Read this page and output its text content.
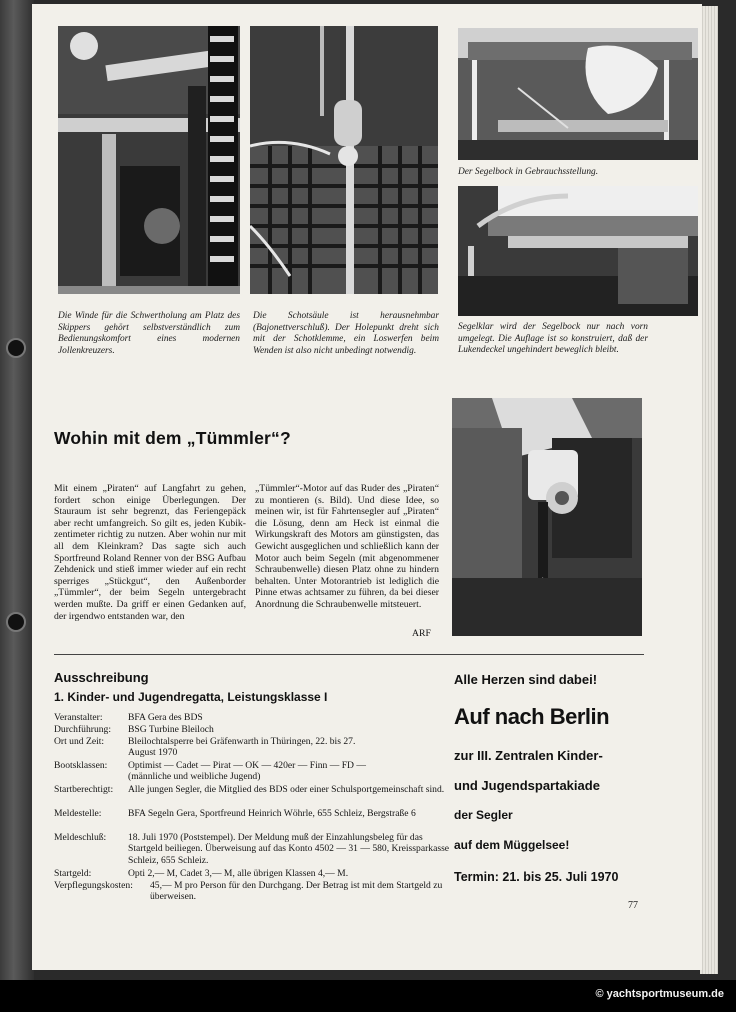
Die Winde für die Schwertholung am Platz des Skippers gehört selbstverständlich zum Bedienungskomfort eines modernen Jollenkreuzers.
Die Schotsäule ist herausnehmbar (Bajonettverschluß). Der Holepunkt dreht sich mit der Schotklemme, ein Loswerfen beim Wenden ist also nicht unbedingt notwendig.
Der Segelbock in Gebrauchsstellung.
Segelklar wird der Segelbock nur nach vorn umgelegt. Die Auflage ist so konstruiert, daß der Lukendeckel ungehindert beweglich bleibt.
Wohin mit dem „Tümmler“?
Mit einem „Piraten“ auf Langfahrt zu gehen, fordert schon einige Überlegungen. Der Stauraum ist sehr begrenzt, das Feriengepäck aber recht umfangreich. So gilt es, jeden Kubikzentimeter richtig zu nutzen. Aber wohin nur mit all dem Kleinkram? Das sagte sich auch Sportfreund Roland Renner von der BSG Aufbau Zehdenick und stieß immer wieder auf ein recht sperriges „Stückgut“, den Außenborder „Tümmler“, der beim Segeln untergebracht werden mußte. Da griff er einen Gedanken auf, der irgendwo entstanden war, den
„Tümmler“-Motor auf das Ruder des „Piraten“ zu montieren (s. Bild). Und diese Idee, so meinen wir, ist für Fahrtensegler auf „Piraten“ die Lösung, denn am Heck ist einmal die Wirkungskraft des Motors am günstigsten, das Gewicht ausgeglichen und schließlich kann der Motor auch beim Segeln (mit abgenommener Schraubenwelle) diesen Platz ohne zu hindern behalten. Unter Motorantrieb ist lediglich die Pinne etwas achtsamer zu führen, da bei dieser Anordnung die Schraubenwelle mitsteuert.
ARF
Ausschreibung
1. Kinder- und Jugendregatta, Leistungsklasse I
Veranstalter:	BFA Gera des BDS
Durchführung: BSG Turbine Bleiloch
Ort und Zeit: Bleilochtalsperre bei Gräfenwarth in Thüringen, 22. bis 27. August 1970
Bootsklassen: Optimist — Cadet — Pirat — OK — 420er — Finn — FD — (männliche und weibliche Jugend)
Startberechtigt: Alle jungen Segler, die Mitglied des BDS oder einer Schulsportgemeinschaft sind.
Meldestelle:	BFA Segeln Gera, Sportfreund Heinrich Wöhrle, 655 Schleiz, Bergstraße 6
Meldeschluß: 18. Juli 1970 (Poststempel). Der Meldung muß der Einzahlungsbeleg für das Startgeld beiliegen. Überweisung auf das Konto 4502 — 31 — 580, Kreissparkasse Schleiz, 655 Schleiz.
Startgeld:	Opti 2,— M, Cadet 3,— M, alle übrigen Klassen 4,— M.
Verpflegungskosten: 45,— M pro Person für den Durchgang. Der Betrag ist mit dem Startgeld zu überweisen.
Alle Herzen sind dabei!
Auf nach Berlin
zur III. Zentralen Kinder-
und Jugendspartakiade
der Segler
auf dem Müggelsee!
Termin: 21. bis 25. Juli 1970
77
© yachtsportmuseum.de
